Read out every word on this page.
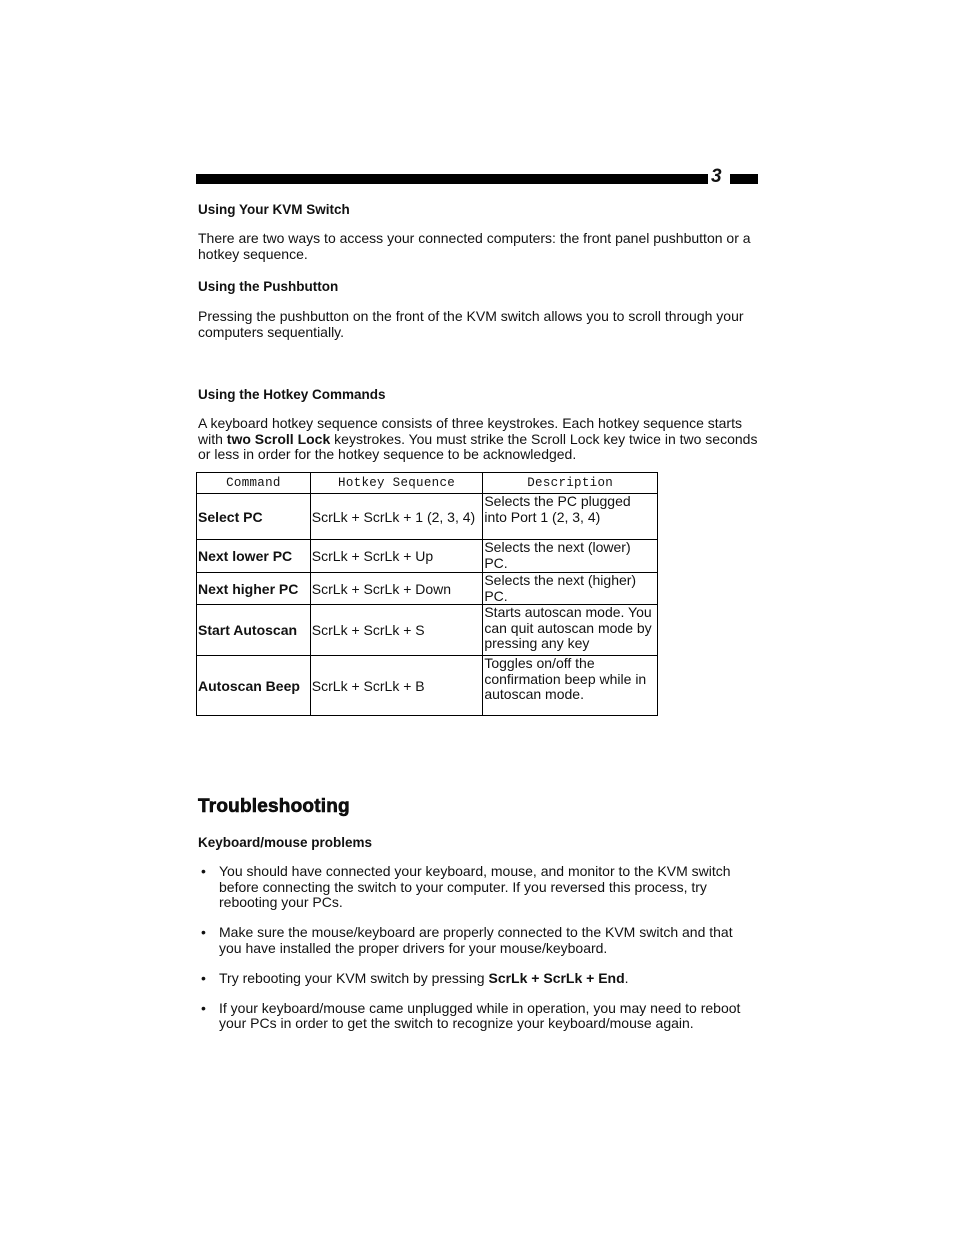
3
Using Your KVM Switch
There are two ways to access your connected computers: the front panel pushbutton or a hotkey sequence.
Using the Pushbutton
Pressing the pushbutton on the front of the KVM switch allows you to scroll through your computers sequentially.
Using the Hotkey Commands
A keyboard hotkey sequence consists of three keystrokes. Each hotkey sequence starts with two Scroll Lock keystrokes. You must strike the Scroll Lock key twice in two seconds or less in order for the hotkey sequence to be acknowledged.
Command	Hotkey Sequence	Description
Select PC	ScrLk + ScrLk + 1 (2, 3, 4)	Selects the PC plugged into Port 1 (2, 3, 4)
Next lower PC	ScrLk + ScrLk + Up	Selects the next (lower) PC.
Next higher PC	ScrLk + ScrLk + Down	Selects the next (higher) PC.
Start Autoscan	ScrLk + ScrLk + S	Starts autoscan mode. You can quit autoscan mode by pressing any key
Autoscan Beep	ScrLk + ScrLk + B	Toggles on/off the confirmation beep while in autoscan mode.
Troubleshooting
Keyboard/mouse problems
• You should have connected your keyboard, mouse, and monitor to the KVM switch before connecting the switch to your computer. If you reversed this process, try rebooting your PCs.
• Make sure the mouse/keyboard are properly connected to the KVM switch and that you have installed the proper drivers for your mouse/keyboard.
• Try rebooting your KVM switch by pressing ScrLk + ScrLk + End.
• If your keyboard/mouse came unplugged while in operation, you may need to reboot your PCs in order to get the switch to recognize your keyboard/mouse again.
